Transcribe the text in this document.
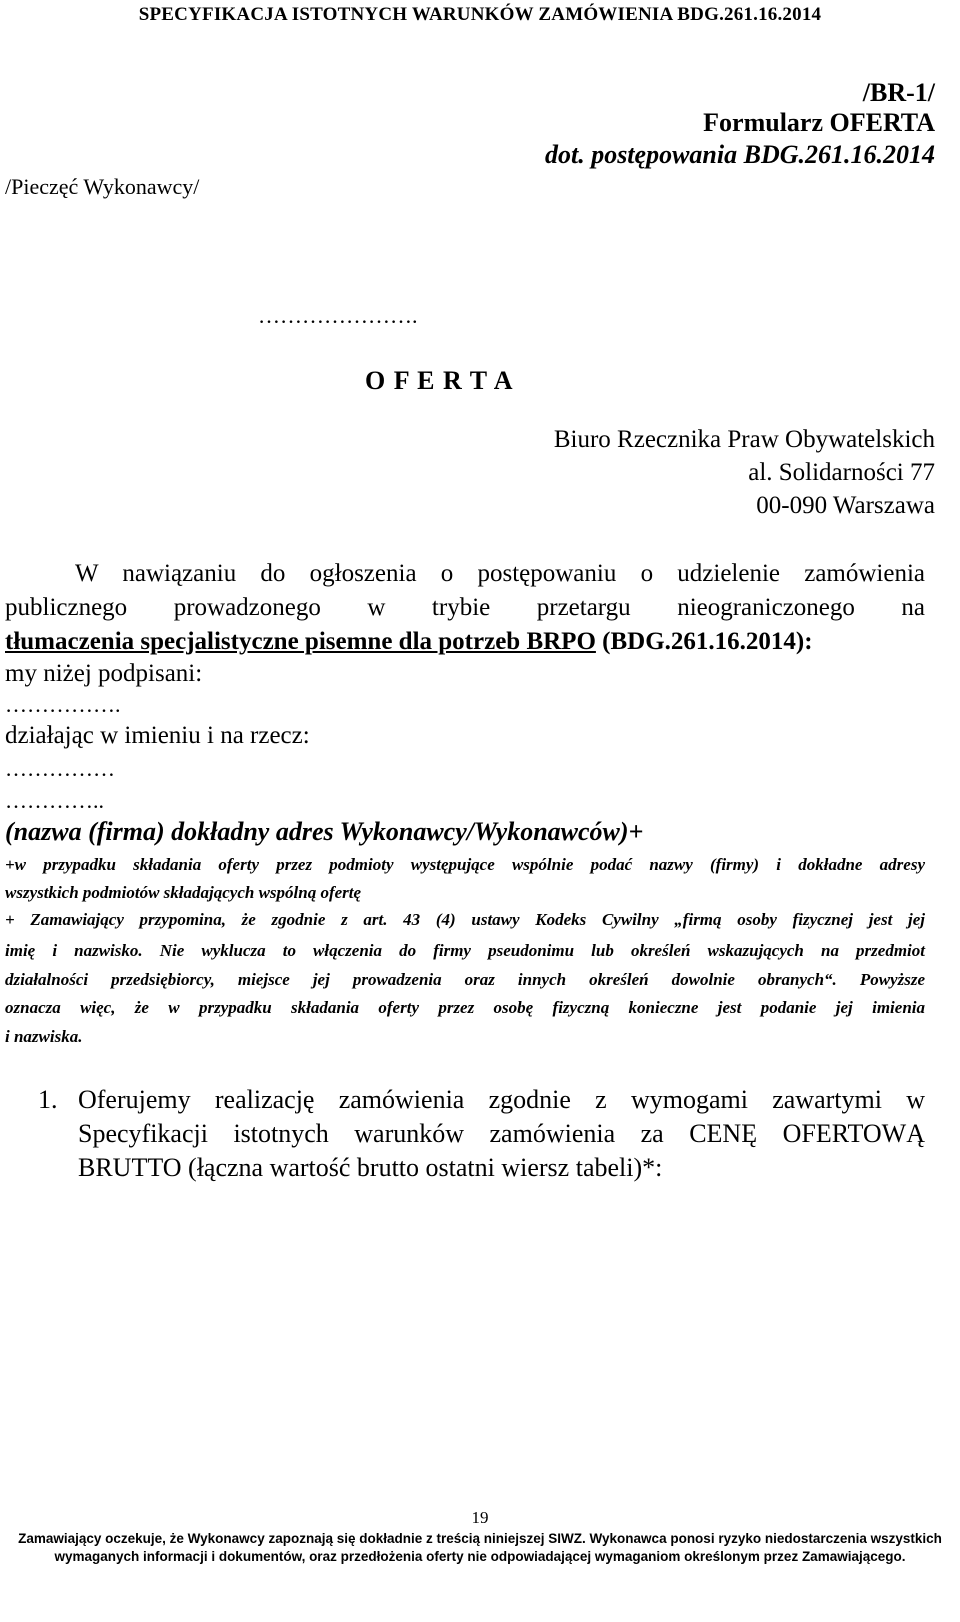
SPECYFIKACJA ISTOTNYCH WARUNKÓW ZAMÓWIENIA BDG.261.16.2014
/BR-1/
Formularz OFERTA
dot. postępowania BDG.261.16.2014
/Pieczęć Wykonawcy/
………………….
O F E R T A
Biuro Rzecznika Praw Obywatelskich
al. Solidarności 77
00-090 Warszawa
W nawiązaniu do ogłoszenia o postępowaniu o udzielenie zamówienia
publicznego prowadzonego w trybie przetargu nieograniczonego na
tłumaczenia specjalistyczne pisemne dla potrzeb BRPO (BDG.261.16.2014):
my niżej podpisani:
…………….
działając w imieniu i na rzecz:
……………
…………..
(nazwa (firma) dokładny adres Wykonawcy/Wykonawców)+
+w przypadku składania oferty przez podmioty występujące wspólnie podać nazwy (firmy) i dokładne adresy
wszystkich podmiotów składających wspólną ofertę
+ Zamawiający przypomina, że zgodnie z art. 43 (4) ustawy Kodeks Cywilny „firmą osoby fizycznej jest jej
imię i nazwisko. Nie wyklucza to włączenia do firmy pseudonimu lub określeń wskazujących na przedmiot
działalności przedsiębiorcy, miejsce jej prowadzenia oraz innych określeń dowolnie obranych“. Powyższe
oznacza więc, że w przypadku składania oferty przez osobę fizyczną konieczne jest podanie jej imienia
i nazwiska.
1. Oferujemy realizację zamówienia zgodnie z wymogami zawartymi w
Specyfikacji istotnych warunków zamówienia za CENĘ OFERTOWĄ
BRUTTO (łączna wartość brutto ostatni wiersz tabeli)*:
19
Zamawiający oczekuje, że Wykonawcy zapoznają się dokładnie z treścią niniejszej SIWZ. Wykonawca ponosi ryzyko niedostarczenia wszystkich
wymaganych informacji i dokumentów, oraz przedłożenia oferty nie odpowiadającej wymaganiom określonym przez Zamawiającego.
